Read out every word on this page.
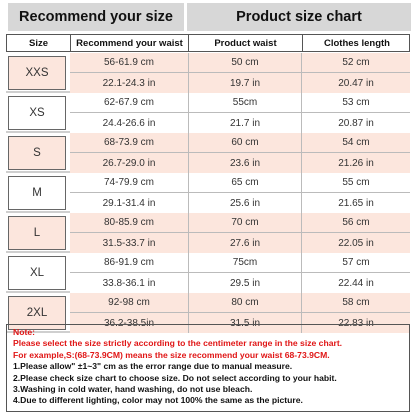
Recommend your size	Product size chart
Size	Recommend your waist	Product waist	Clothes length
XXS
56-61.9 cm	50 cm	52 cm
22.1-24.3 in	19.7 in	20.47 in
XS
62-67.9 cm	55cm	53 cm
24.4-26.6 in	21.7 in	20.87 in
S
68-73.9 cm	60 cm	54 cm
26.7-29.0 in	23.6 in	21.26 in
M
74-79.9 cm	65 cm	55 cm
29.1-31.4 in	25.6 in	21.65 in
L
80-85.9 cm	70 cm	56 cm
31.5-33.7 in	27.6 in	22.05 in
XL
86-91.9 cm	75cm	57 cm
33.8-36.1 in	29.5 in	22.44 in
2XL
92-98 cm	80 cm	58 cm
36.2-38.5in	31.5 in	22.83 in
Note:
Please select the size strictly according to the centimeter range in the size chart.
For example,S:(68-73.9CM) means the size recommend your waist 68-73.9CM.
1.Please allow" ±1~3" cm as the error range due to manual measure.
2.Please check size chart to choose size. Do not select according to your habit.
3.Washing in cold water, hand washing, do not use bleach.
4.Due to different lighting, color may not 100% the same as the picture.
